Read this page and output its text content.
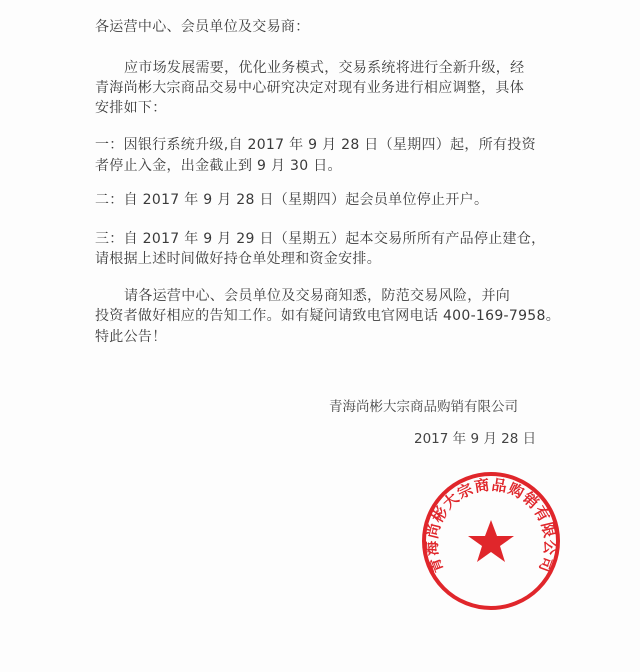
各运营中心、会员单位及交易商：
应市场发展需要，优化业务模式，交易系统将进行全新升级，经
青海尚彬大宗商品交易中心研究决定对现有业务进行相应调整，具体
安排如下：
一：因银行系统升级,自 2017 年 9 月 28 日（星期四）起，所有投资
者停止入金，出金截止到 9 月 30 日。
二：自 2017 年 9 月 28 日（星期四）起会员单位停止开户。
三：自 2017 年 9 月 29 日（星期五）起本交易所所有产品停止建仓，
请根据上述时间做好持仓单处理和资金安排。
请各运营中心、会员单位及交易商知悉，防范交易风险，并向
投资者做好相应的告知工作。如有疑问请致电官网电话 400-169-7958。
特此公告！
青海尚彬大宗商品购销有限公司
2017 年 9 月 28 日
青海尚彬大宗商品购销有限公司
